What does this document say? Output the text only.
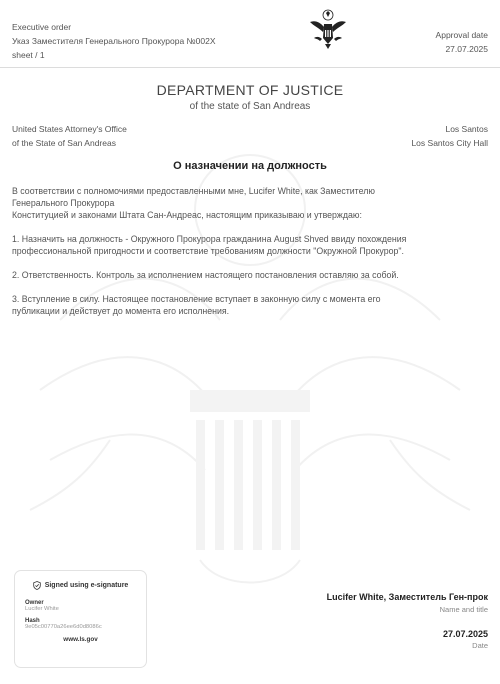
Executive order
Указ Заместителя Генерального Прокурора №002X
sheet / 1
Approval date
27.07.2025
DEPARTMENT OF JUSTICE
of the state of San Andreas
United States Attorney's Office
of the State of San Andreas
Los Santos
Los Santos City Hall
О назначении на должность

В соответствии с полномочиями предоставленными мне, Lucifer White, как Заместителю
Генерального Прокурора
Конституцией и законами Штата Сан-Андреас, настоящим приказываю и утверждаю:

1. Назначить на должность - Окружного Прокурора гражданина August Shved ввиду похождения
профессиональной пригодности и соответствие требованиям должности "Окружной Прокурор".

2. Ответственность. Контроль за исполнением настоящего постановления оставляю за собой.

3. Вступление в силу. Настоящее постановление вступает в законную силу с момента его
публикации и действует до момента его исполнения.

Signed using e-signature
Owner
Lucifer White
Hash
9e05c00770a26ee6d0d8086c
www.ls.gov
Lucifer White, Заместитель Ген-прок
Name and title
27.07.2025
Date
